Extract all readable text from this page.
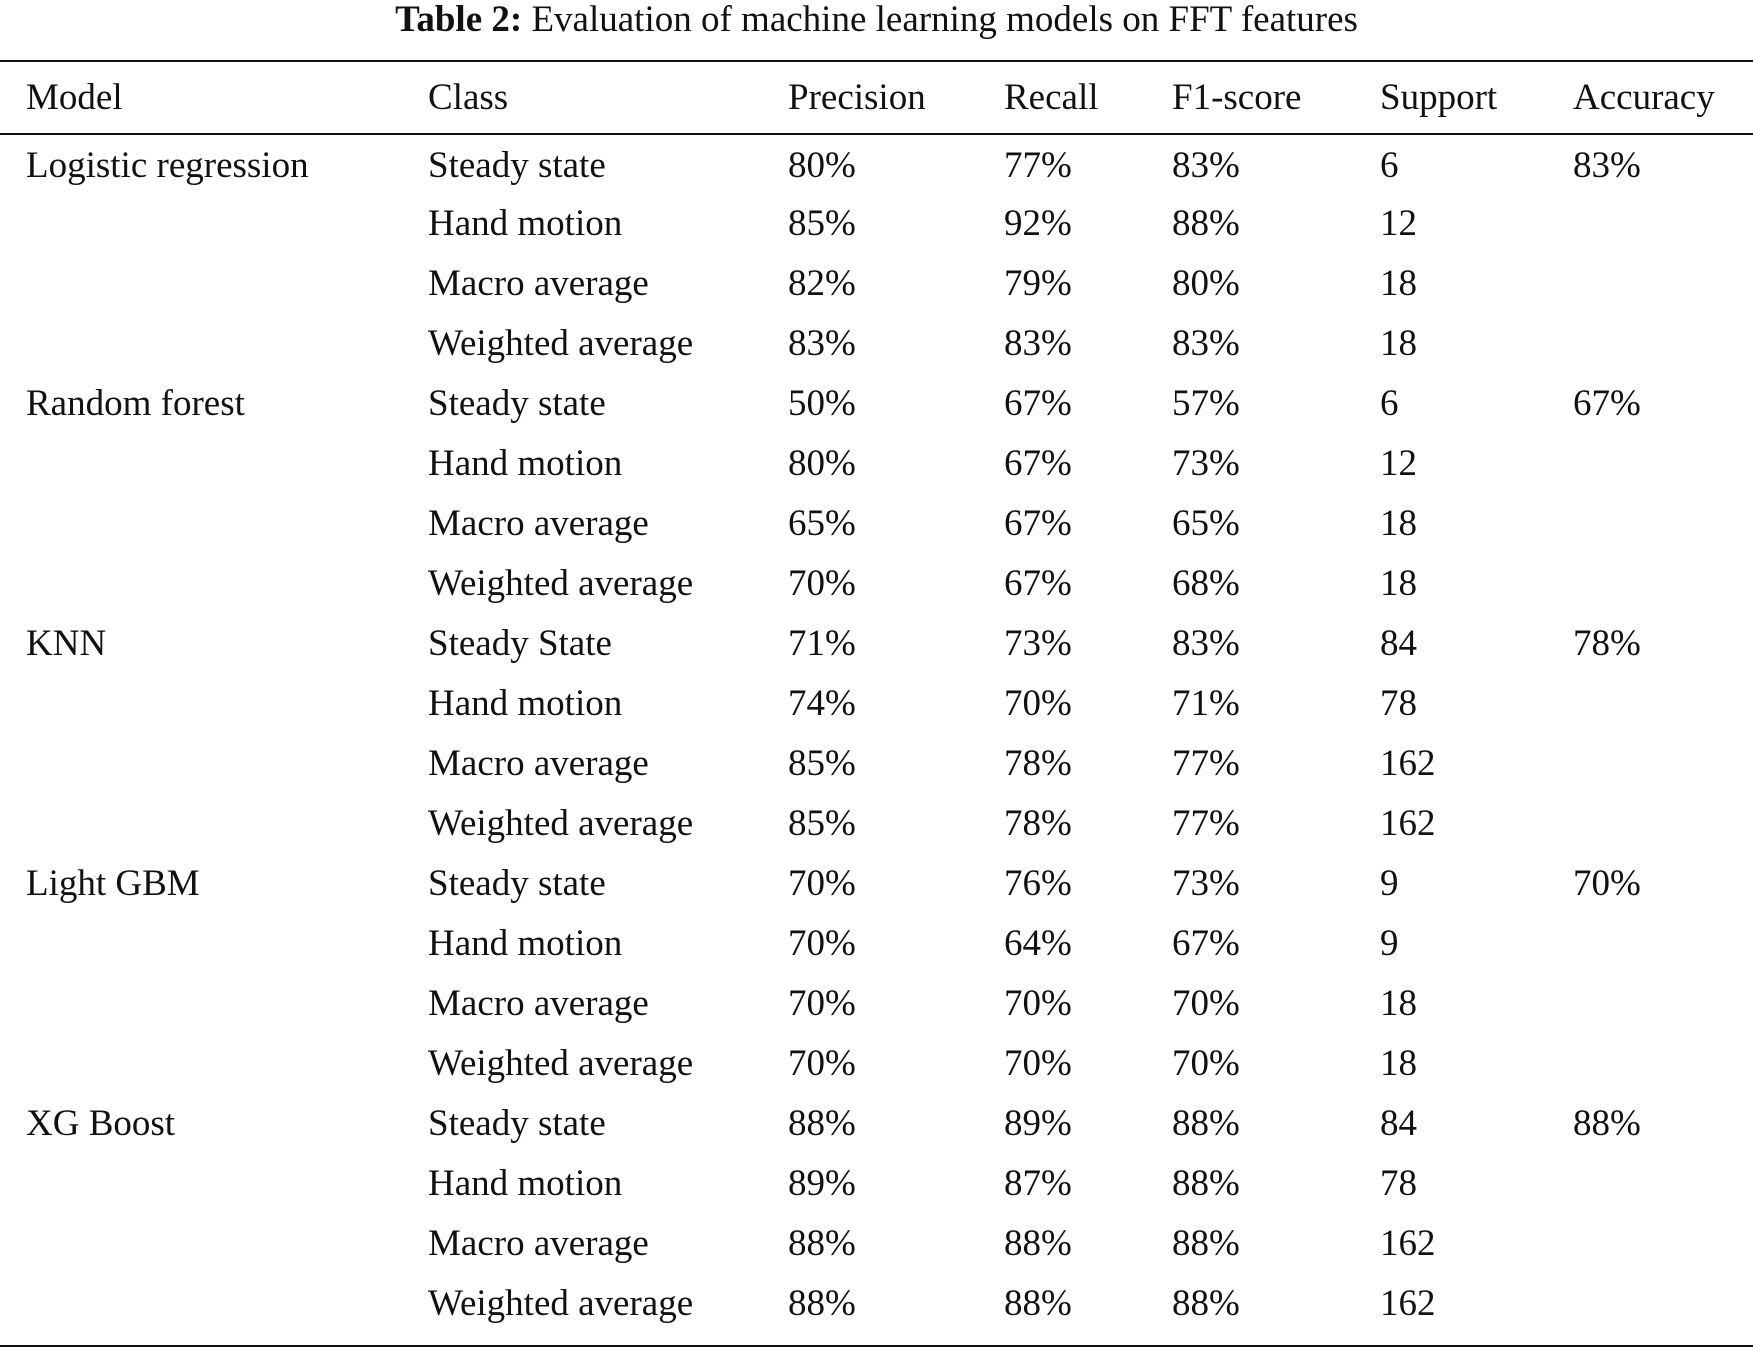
Table 2: Evaluation of machine learning models on FFT features
Model	Class	Precision	Recall	F1-score	Support	Accuracy
Logistic regression	Steady state	80%	77%	83%	6	83%
	Hand motion	85%	92%	88%	12	
	Macro average	82%	79%	80%	18	
	Weighted average	83%	83%	83%	18	
Random forest	Steady state	50%	67%	57%	6	67%
	Hand motion	80%	67%	73%	12	
	Macro average	65%	67%	65%	18	
	Weighted average	70%	67%	68%	18	
KNN	Steady State	71%	73%	83%	84	78%
	Hand motion	74%	70%	71%	78	
	Macro average	85%	78%	77%	162	
	Weighted average	85%	78%	77%	162	
Light GBM	Steady state	70%	76%	73%	9	70%
	Hand motion	70%	64%	67%	9	
	Macro average	70%	70%	70%	18	
	Weighted average	70%	70%	70%	18	
XG Boost	Steady state	88%	89%	88%	84	88%
	Hand motion	89%	87%	88%	78	
	Macro average	88%	88%	88%	162	
	Weighted average	88%	88%	88%	162	
